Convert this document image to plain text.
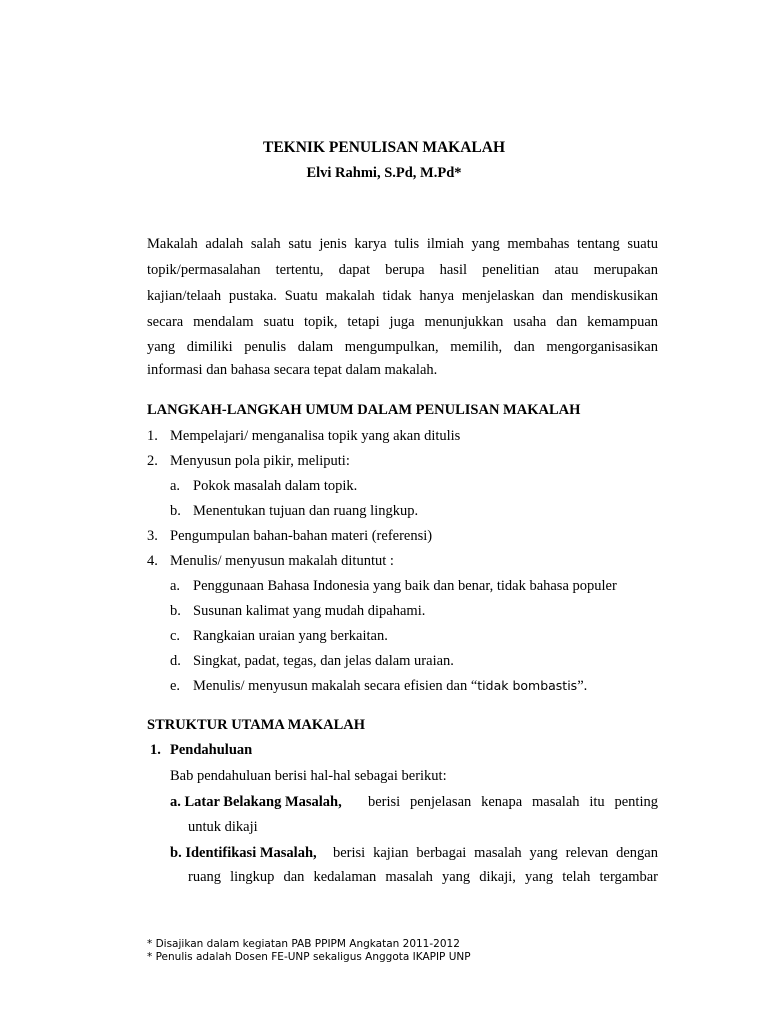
TEKNIK PENULISAN MAKALAH
Elvi Rahmi, S.Pd, M.Pd*
Makalah adalah salah satu jenis karya tulis ilmiah yang membahas tentang suatu
topik/permasalahan tertentu, dapat berupa hasil penelitian atau merupakan
kajian/telaah pustaka. Suatu makalah tidak hanya menjelaskan dan mendiskusikan
secara mendalam suatu topik, tetapi juga menunjukkan usaha dan kemampuan
yang dimiliki penulis dalam mengumpulkan, memilih, dan mengorganisasikan
informasi dan bahasa secara tepat dalam makalah.
LANGKAH-LANGKAH UMUM DALAM PENULISAN MAKALAH
1. Mempelajari/ menganalisa topik yang akan ditulis
2. Menyusun pola pikir, meliputi:
a. Pokok masalah dalam topik.
b. Menentukan tujuan dan ruang lingkup.
3. Pengumpulan bahan-bahan materi (referensi)
4. Menulis/ menyusun makalah dituntut :
a. Penggunaan Bahasa Indonesia yang baik dan benar, tidak bahasa populer
b. Susunan kalimat yang mudah dipahami.
c. Rangkaian uraian yang berkaitan.
d. Singkat, padat, tegas, dan jelas dalam uraian.
e. Menulis/ menyusun makalah secara efisien dan “tidak bombastis”.
STRUKTUR UTAMA MAKALAH
1. Pendahuluan
Bab pendahuluan berisi hal-hal sebagai berikut:
a. Latar Belakang Masalah, berisi penjelasan kenapa masalah itu penting
untuk dikaji
b. Identifikasi Masalah, berisi kajian berbagai masalah yang relevan dengan
ruang lingkup dan kedalaman masalah yang dikaji, yang telah tergambar
* Disajikan dalam kegiatan PAB PPIPM Angkatan 2011-2012
* Penulis adalah Dosen FE-UNP sekaligus Anggota IKAPIP UNP
